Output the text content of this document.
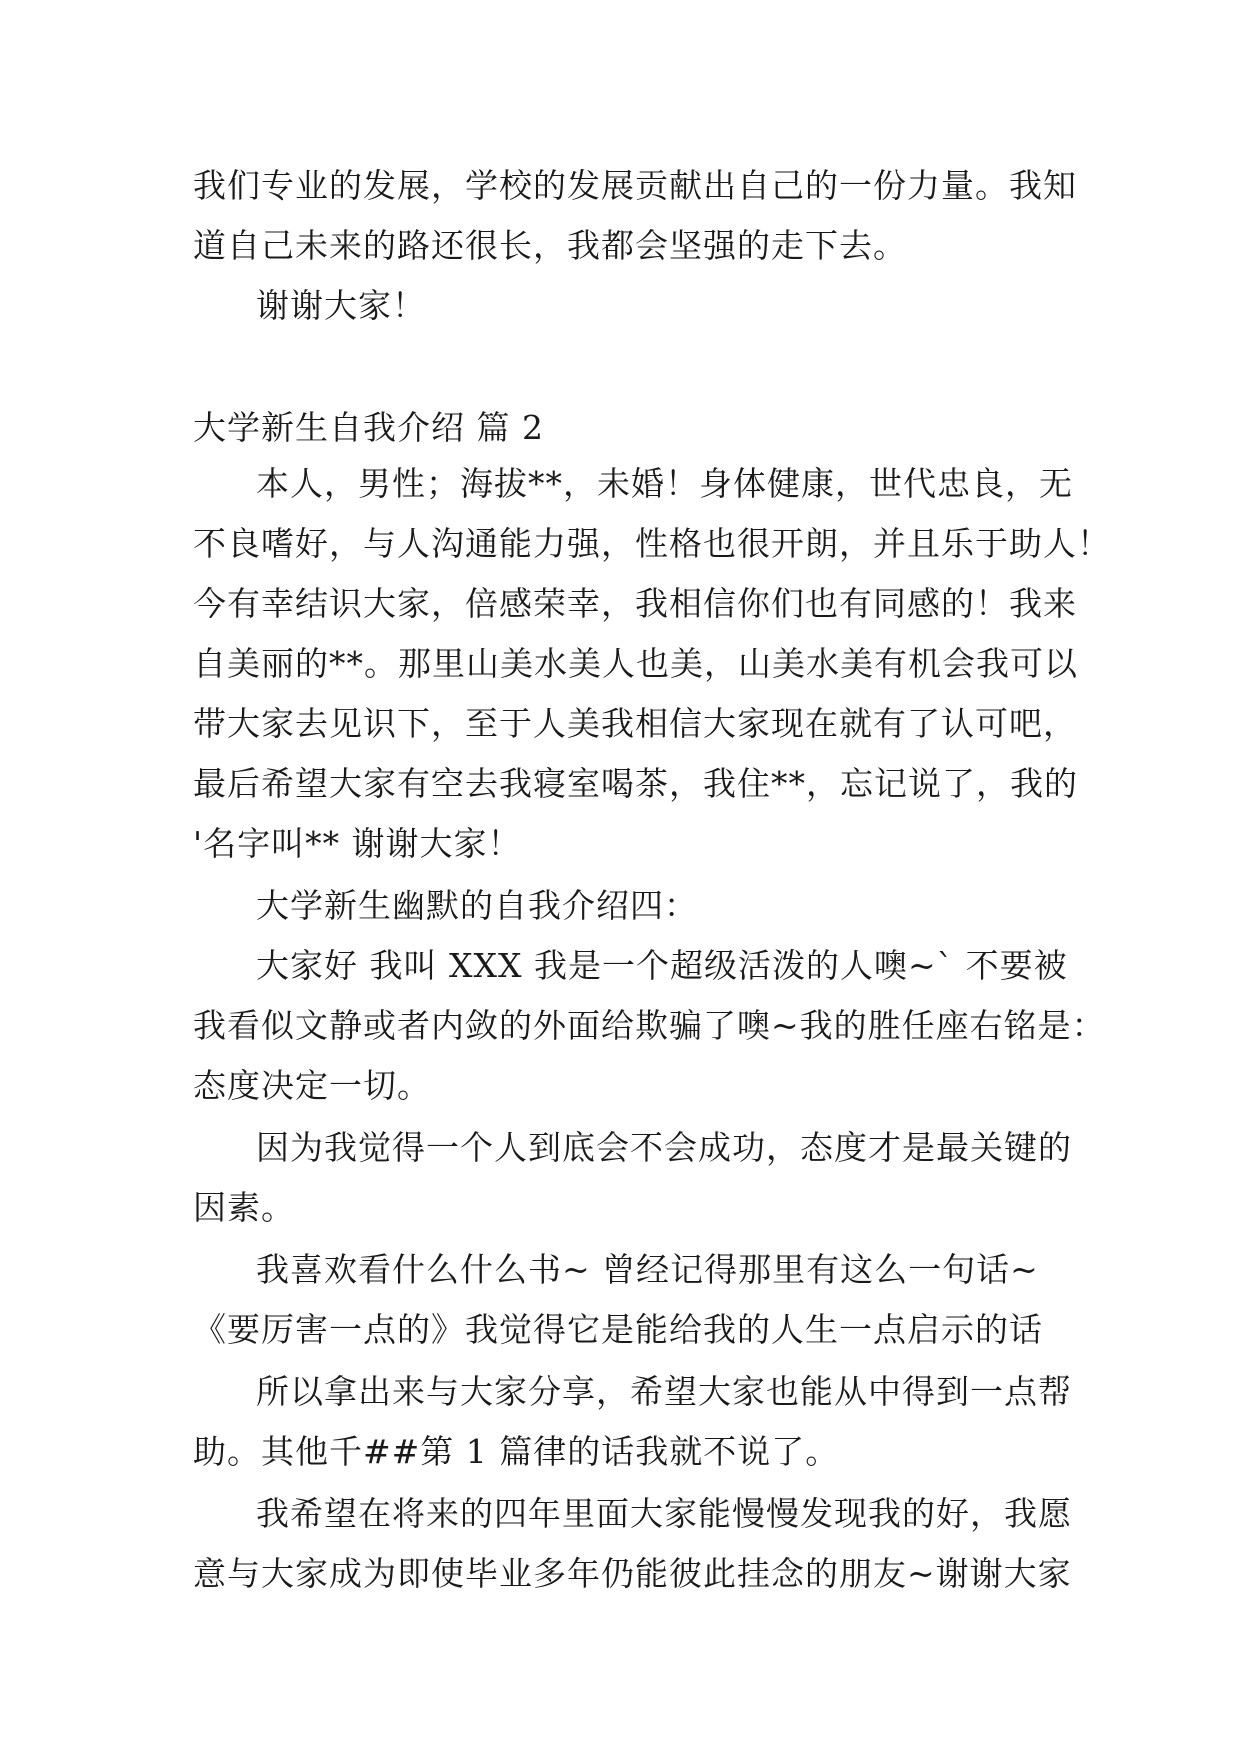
我们专业的发展，学校的发展贡献出自己的一份力量。我知
道自己未来的路还很长，我都会坚强的走下去。
谢谢大家！
大学新生自我介绍 篇 2
本人，男性；海拔**，未婚！身体健康，世代忠良，无
不良嗜好，与人沟通能力强，性格也很开朗，并且乐于助人！
今有幸结识大家，倍感荣幸，我相信你们也有同感的！我来
自美丽的**。那里山美水美人也美，山美水美有机会我可以
带大家去见识下，至于人美我相信大家现在就有了认可吧，
最后希望大家有空去我寝室喝茶，我住**，忘记说了，我的
'名字叫** 谢谢大家！
大学新生幽默的自我介绍四：
大家好 我叫 XXX 我是一个超级活泼的人噢~` 不要被
我看似文静或者内敛的外面给欺骗了噢~我的胜任座右铭是：
态度决定一切。
因为我觉得一个人到底会不会成功，态度才是最关键的
因素。
我喜欢看什么什么书~ 曾经记得那里有这么一句话~
《要厉害一点的》我觉得它是能给我的人生一点启示的话
所以拿出来与大家分享，希望大家也能从中得到一点帮
助。其他千##第 1 篇律的话我就不说了。
我希望在将来的四年里面大家能慢慢发现我的好，我愿
意与大家成为即使毕业多年仍能彼此挂念的朋友~谢谢大家
